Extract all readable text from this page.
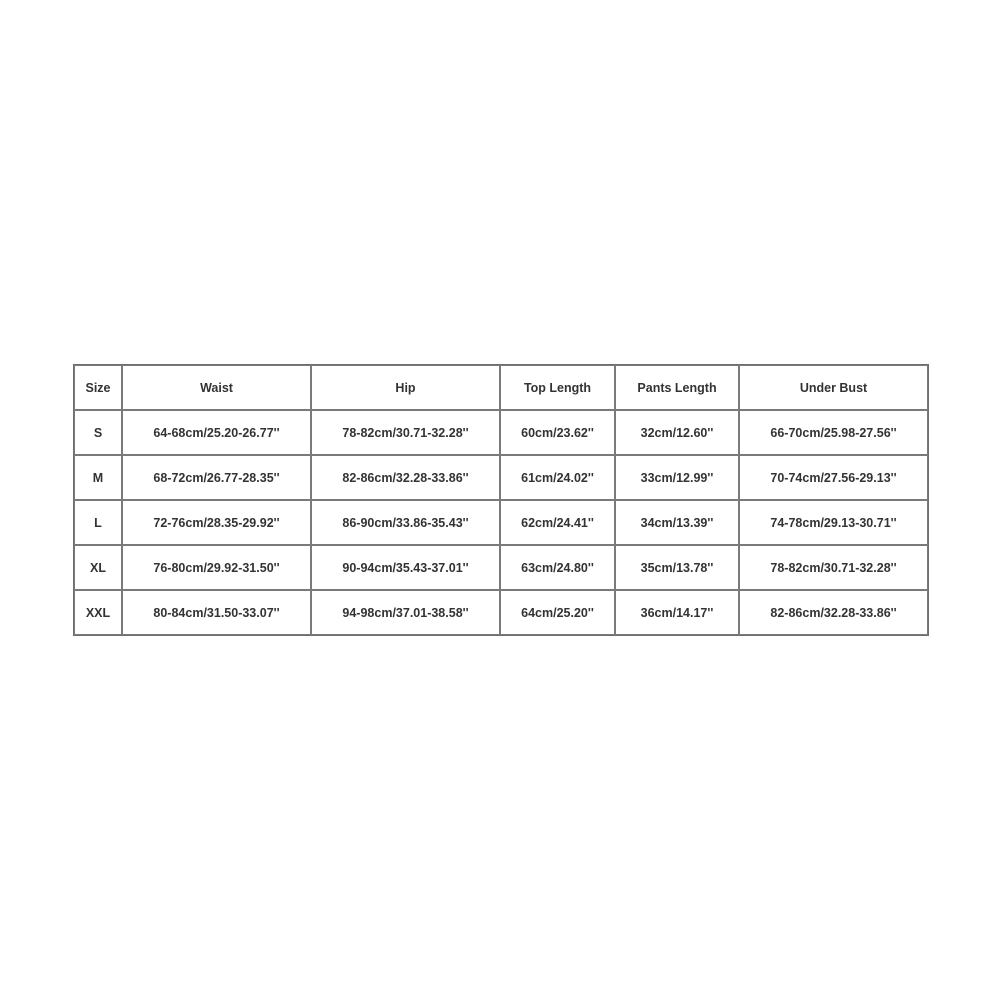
Size	Waist	Hip	Top Length	Pants Length	Under Bust
S	64-68cm/25.20-26.77''	78-82cm/30.71-32.28''	60cm/23.62''	32cm/12.60''	66-70cm/25.98-27.56''
M	68-72cm/26.77-28.35''	82-86cm/32.28-33.86''	61cm/24.02''	33cm/12.99''	70-74cm/27.56-29.13''
L	72-76cm/28.35-29.92''	86-90cm/33.86-35.43''	62cm/24.41''	34cm/13.39''	74-78cm/29.13-30.71''
XL	76-80cm/29.92-31.50''	90-94cm/35.43-37.01''	63cm/24.80''	35cm/13.78''	78-82cm/30.71-32.28''
XXL	80-84cm/31.50-33.07''	94-98cm/37.01-38.58''	64cm/25.20''	36cm/14.17''	82-86cm/32.28-33.86''
